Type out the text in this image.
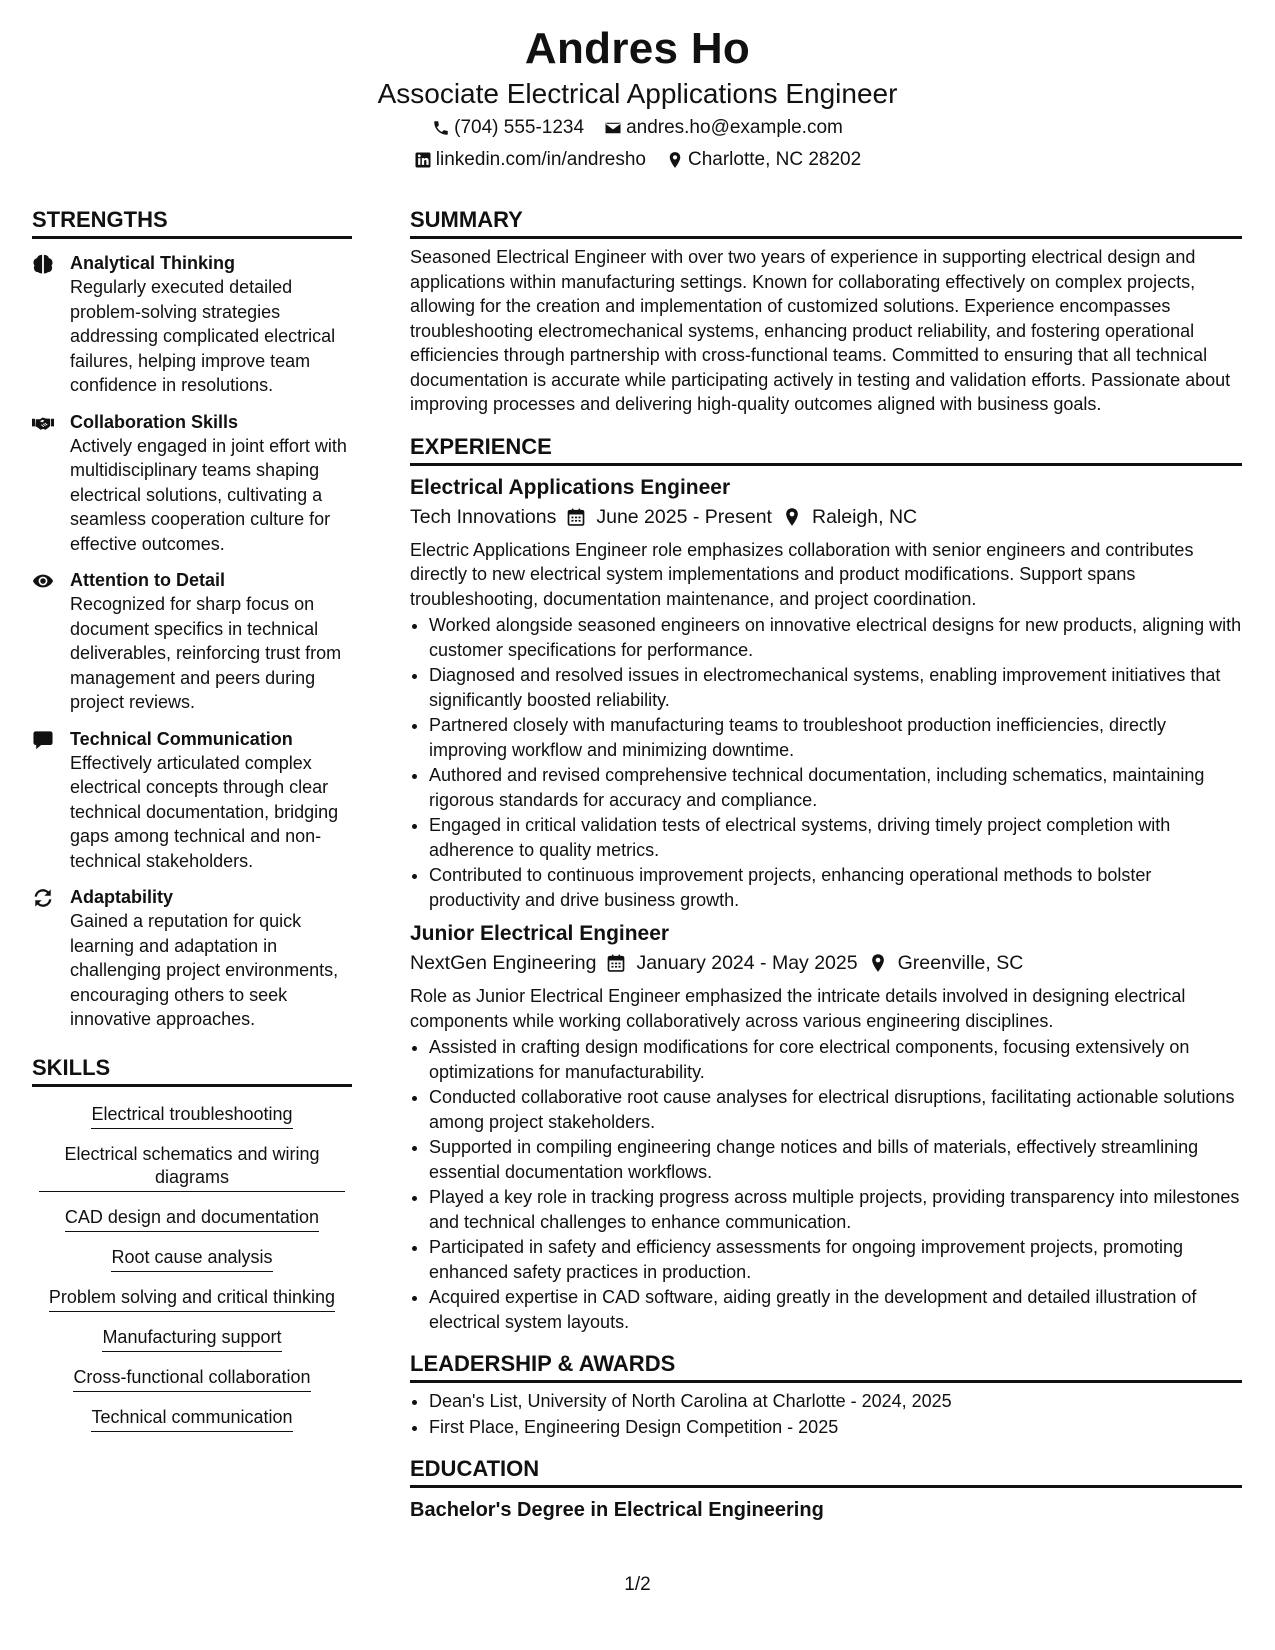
Andres Ho
Associate Electrical Applications Engineer
(704) 555-1234 andres.ho@example.com
linkedin.com/in/andresho Charlotte, NC 28202
STRENGTHS
Analytical Thinking
Regularly executed detailed problem-solving strategies addressing complicated electrical failures, helping improve team confidence in resolutions.
Collaboration Skills
Actively engaged in joint effort with multidisciplinary teams shaping electrical solutions, cultivating a seamless cooperation culture for effective outcomes.
Attention to Detail
Recognized for sharp focus on document specifics in technical deliverables, reinforcing trust from management and peers during project reviews.
Technical Communication
Effectively articulated complex electrical concepts through clear technical documentation, bridging gaps among technical and non-technical stakeholders.
Adaptability
Gained a reputation for quick learning and adaptation in challenging project environments, encouraging others to seek innovative approaches.
SKILLS
Electrical troubleshooting
Electrical schematics and wiring diagrams
CAD design and documentation
Root cause analysis
Problem solving and critical thinking
Manufacturing support
Cross-functional collaboration
Technical communication
SUMMARY

Seasoned Electrical Engineer with over two years of experience in supporting electrical design and applications within manufacturing settings. Known for collaborating effectively on complex projects, allowing for the creation and implementation of customized solutions. Experience encompasses troubleshooting electromechanical systems, enhancing product reliability, and fostering operational efficiencies through partnership with cross-functional teams. Committed to ensuring that all technical documentation is accurate while participating actively in testing and validation efforts. Passionate about improving processes and delivering high-quality outcomes aligned with business goals.

EXPERIENCE
Electrical Applications Engineer
Tech Innovations June 2025 - Present Raleigh, NC

Electric Applications Engineer role emphasizes collaboration with senior engineers and contributes directly to new electrical system implementations and product modifications. Support spans troubleshooting, documentation maintenance, and project coordination.

• Worked alongside seasoned engineers on innovative electrical designs for new products, aligning with customer specifications for performance.
• Diagnosed and resolved issues in electromechanical systems, enabling improvement initiatives that significantly boosted reliability.
• Partnered closely with manufacturing teams to troubleshoot production inefficiencies, directly improving workflow and minimizing downtime.
• Authored and revised comprehensive technical documentation, including schematics, maintaining rigorous standards for accuracy and compliance.
• Engaged in critical validation tests of electrical systems, driving timely project completion with adherence to quality metrics.
• Contributed to continuous improvement projects, enhancing operational methods to bolster productivity and drive business growth.
Junior Electrical Engineer
NextGen Engineering January 2024 - May 2025 Greenville, SC

Role as Junior Electrical Engineer emphasized the intricate details involved in designing electrical components while working collaboratively across various engineering disciplines.

• Assisted in crafting design modifications for core electrical components, focusing extensively on optimizations for manufacturability.
• Conducted collaborative root cause analyses for electrical disruptions, facilitating actionable solutions among project stakeholders.
• Supported in compiling engineering change notices and bills of materials, effectively streamlining essential documentation workflows.
• Played a key role in tracking progress across multiple projects, providing transparency into milestones and technical challenges to enhance communication.
• Participated in safety and efficiency assessments for ongoing improvement projects, promoting enhanced safety practices in production.
• Acquired expertise in CAD software, aiding greatly in the development and detailed illustration of electrical system layouts.
LEADERSHIP & AWARDS
• Dean's List, University of North Carolina at Charlotte - 2024, 2025
• First Place, Engineering Design Competition - 2025
EDUCATION
Bachelor's Degree in Electrical Engineering
1/2
